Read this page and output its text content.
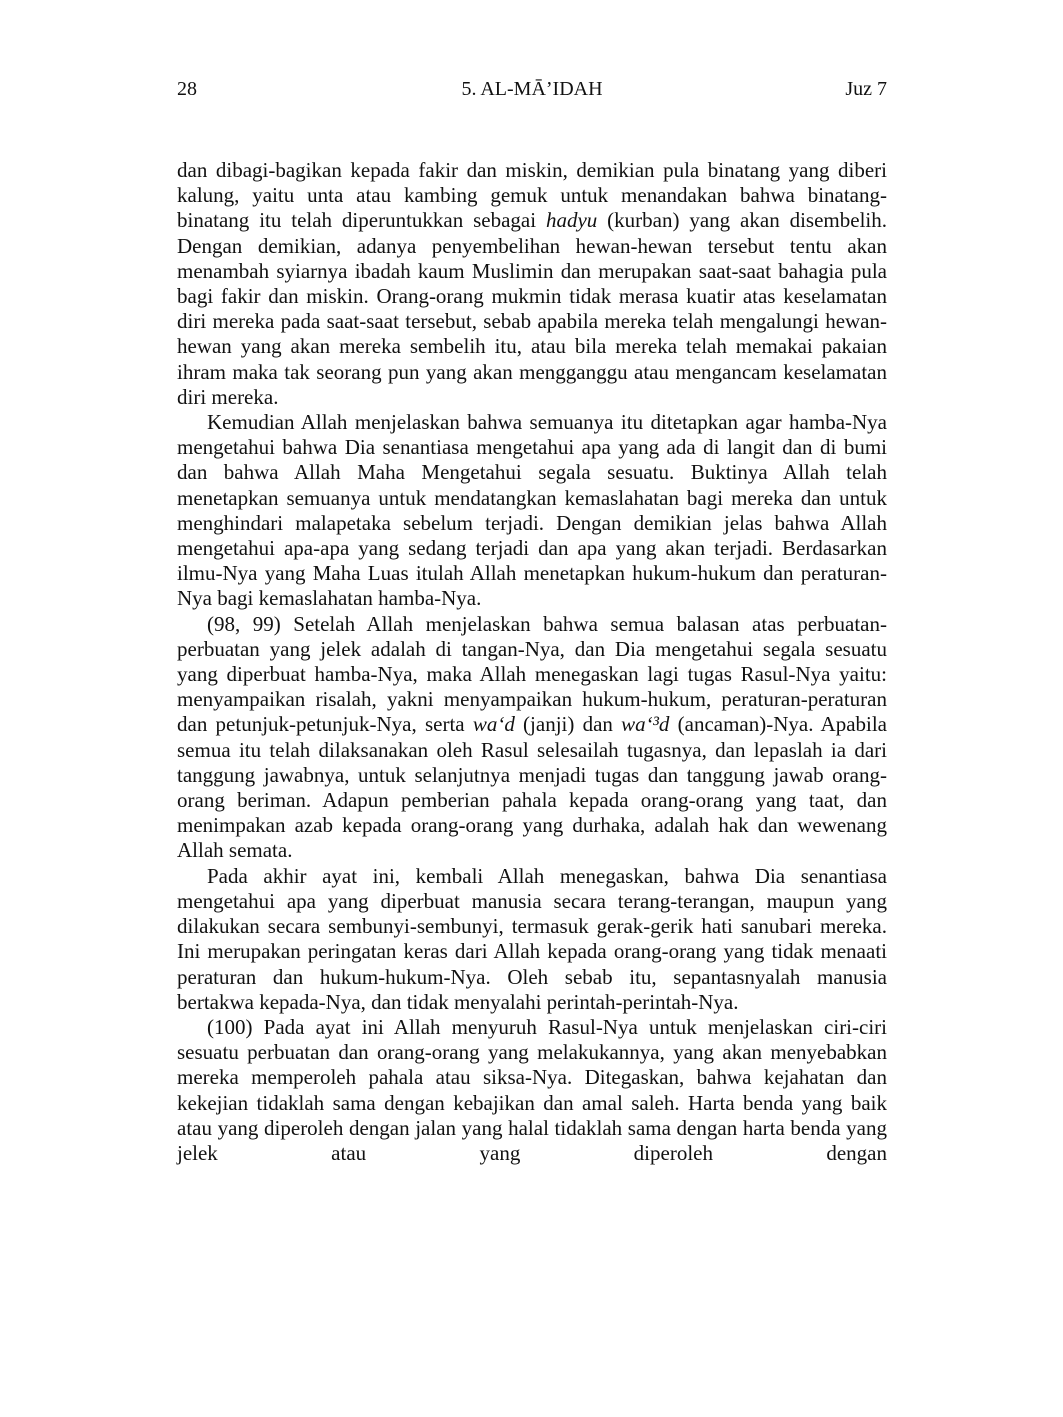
28	5. AL-MĀ’IDAH	Juz 7

dan dibagi-bagikan kepada fakir dan miskin, demikian pula binatang yang diberi kalung, yaitu unta atau kambing gemuk untuk menandakan bahwa binatang-binatang itu telah diperuntukkan sebagai hadyu (kurban) yang akan disembelih. Dengan demikian, adanya penyembelihan hewan-hewan tersebut tentu akan menambah syiarnya ibadah kaum Muslimin dan merupakan saat-saat bahagia pula bagi fakir dan miskin. Orang-orang mukmin tidak merasa kuatir atas keselamatan diri mereka pada saat-saat tersebut, sebab apabila mereka telah mengalungi hewan-hewan yang akan mereka sembelih itu, atau bila mereka telah memakai pakaian ihram maka tak seorang pun yang akan mengganggu atau mengancam keselamatan diri mereka.

Kemudian Allah menjelaskan bahwa semuanya itu ditetapkan agar hamba-Nya mengetahui bahwa Dia senantiasa mengetahui apa yang ada di langit dan di bumi dan bahwa Allah Maha Mengetahui segala sesuatu. Buktinya Allah telah menetapkan semuanya untuk mendatangkan kemaslahatan bagi mereka dan untuk menghindari malapetaka sebelum terjadi. Dengan demikian jelas bahwa Allah mengetahui apa-apa yang sedang terjadi dan apa yang akan terjadi. Berdasarkan ilmu-Nya yang Maha Luas itulah Allah menetapkan hukum-hukum dan peraturan-Nya bagi kemaslahatan hamba-Nya.

(98, 99) Setelah Allah menjelaskan bahwa semua balasan atas perbuatan-perbuatan yang jelek adalah di tangan-Nya, dan Dia mengetahui segala sesuatu yang diperbuat hamba-Nya, maka Allah menegaskan lagi tugas Rasul-Nya yaitu: menyampaikan risalah, yakni menyampaikan hukum-hukum, peraturan-peraturan dan petunjuk-petunjuk-Nya, serta wa‘d (janji) dan wa‘³d (ancaman)-Nya. Apabila semua itu telah dilaksanakan oleh Rasul selesailah tugasnya, dan lepaslah ia dari tanggung jawabnya, untuk selanjutnya menjadi tugas dan tanggung jawab orang-orang beriman. Adapun pemberian pahala kepada orang-orang yang taat, dan menimpakan azab kepada orang-orang yang durhaka, adalah hak dan wewenang Allah semata.

Pada akhir ayat ini, kembali Allah menegaskan, bahwa Dia senantiasa mengetahui apa yang diperbuat manusia secara terang-terangan, maupun yang dilakukan secara sembunyi-sembunyi, termasuk gerak-gerik hati sanubari mereka. Ini merupakan peringatan keras dari Allah kepada orang-orang yang tidak menaati peraturan dan hukum-hukum-Nya. Oleh sebab itu, sepantasnyalah manusia bertakwa kepada-Nya, dan tidak menyalahi perintah-perintah-Nya.

(100) Pada ayat ini Allah menyuruh Rasul-Nya untuk menjelaskan ciri-ciri sesuatu perbuatan dan orang-orang yang melakukannya, yang akan menyebabkan mereka memperoleh pahala atau siksa-Nya. Ditegaskan, bahwa kejahatan dan kekejian tidaklah sama dengan kebajikan dan amal saleh. Harta benda yang baik atau yang diperoleh dengan jalan yang halal tidaklah sama dengan harta benda yang jelek atau yang diperoleh dengan
